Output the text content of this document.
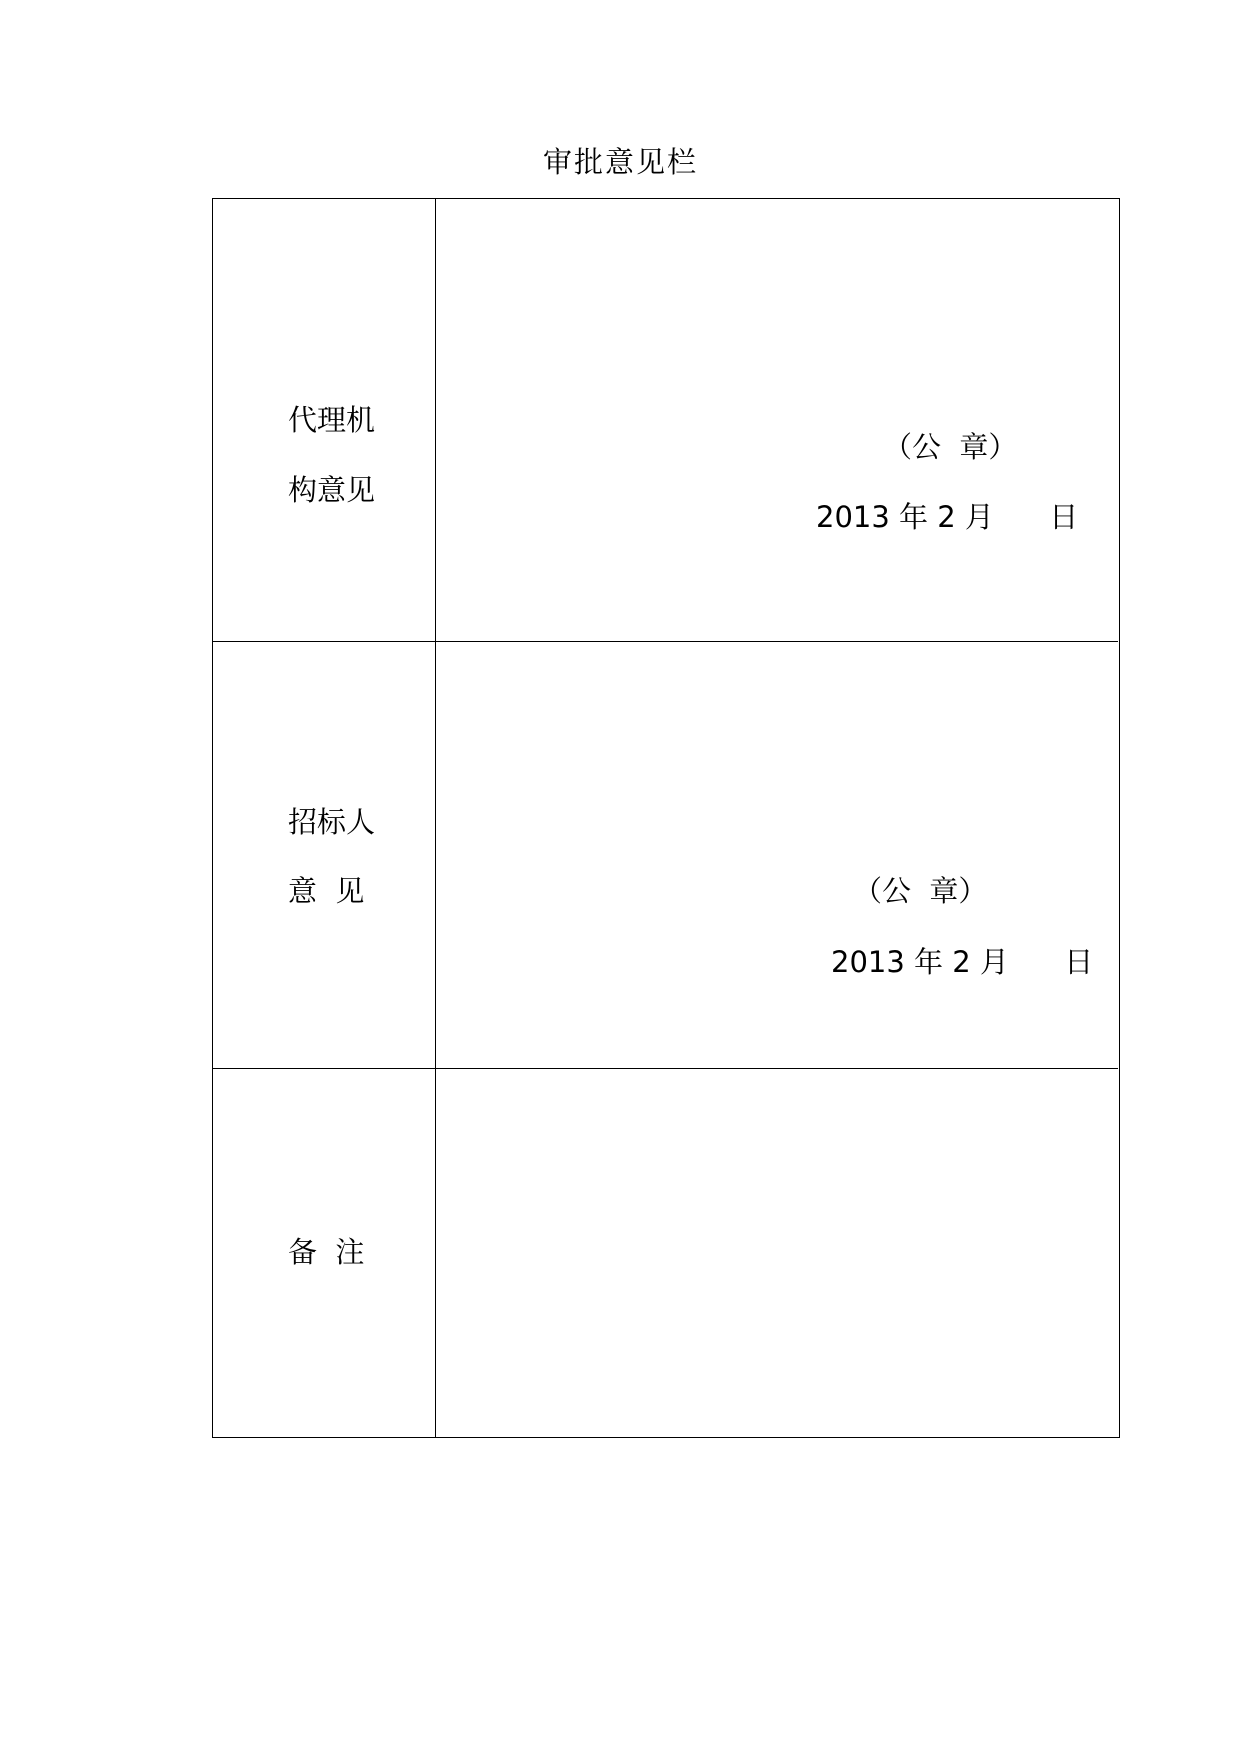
审批意见栏
代理机
构意见
（公  章）
2013 年 2 月      日
招标人
意  见	（公  章）
2013 年 2 月      日
备  注
